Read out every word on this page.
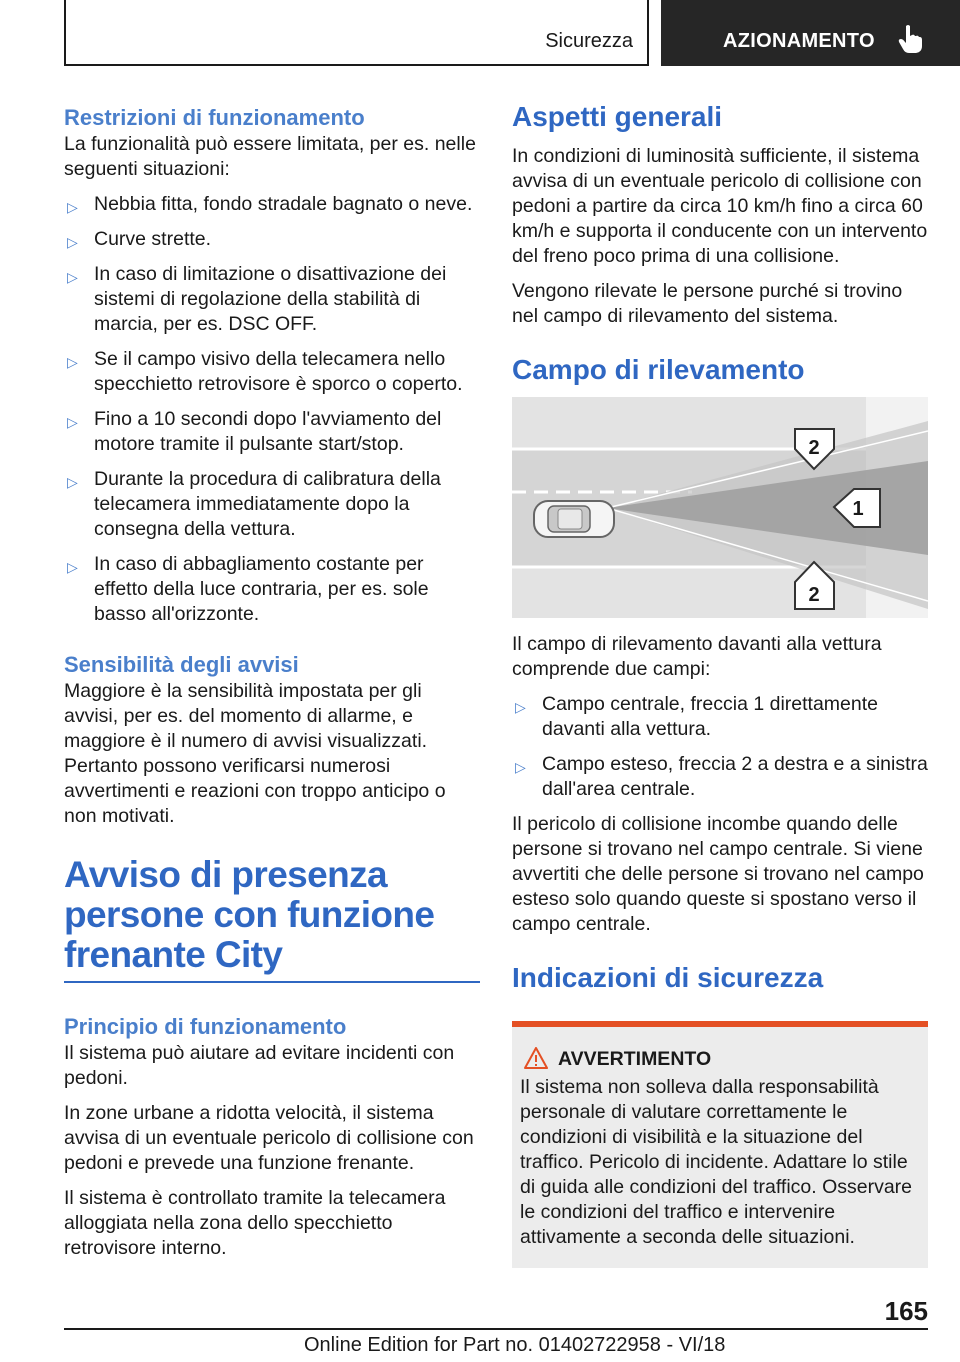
Sicurezza	AZIONAMENTO
Restrizioni di funzionamento

La funzionalità può essere limitata, per es. nelle seguenti situazioni:

▷ Nebbia fitta, fondo stradale bagnato o neve.
▷ Curve strette.
▷ In caso di limitazione o disattivazione dei sistemi di regolazione della stabilità di marcia, per es. DSC OFF.
▷ Se il campo visivo della telecamera nello specchietto retrovisore è sporco o coperto.
▷ Fino a 10 secondi dopo l'avviamento del motore tramite il pulsante start/stop.
▷ Durante la procedura di calibratura della telecamera immediatamente dopo la consegna della vettura.
▷ In caso di abbagliamento costante per effetto della luce contraria, per es. sole basso all'orizzonte.
Sensibilità degli avvisi

Maggiore è la sensibilità impostata per gli avvisi, per es. del momento di allarme, e maggiore è il numero di avvisi visualizzati. Pertanto possono verificarsi numerosi avvertimenti e reazioni con troppo anticipo o non motivati.

Avviso di presenza persone con funzione frenante City
Principio di funzionamento

Il sistema può aiutare ad evitare incidenti con pedoni.

In zone urbane a ridotta velocità, il sistema avvisa di un eventuale pericolo di collisione con pedoni e prevede una funzione frenante.

Il sistema è controllato tramite la telecamera alloggiata nella zona dello specchietto retrovisore interno.

Aspetti generali

In condizioni di luminosità sufficiente, il sistema avvisa di un eventuale pericolo di collisione con pedoni a partire da circa 10 km/h fino a circa 60 km/h e supporta il conducente con un intervento del freno poco prima di una collisione.

Vengono rilevate le persone purché si trovino nel campo di rilevamento del sistema.

Campo di rilevamento
2
1
2

Il campo di rilevamento davanti alla vettura comprende due campi:

▷ Campo centrale, freccia 1 direttamente davanti alla vettura.
▷ Campo esteso, freccia 2 a destra e a sinistra dall'area centrale.

Il pericolo di collisione incombe quando delle persone si trovano nel campo centrale. Si viene avvertiti che delle persone si trovano nel campo esteso solo quando queste si spostano verso il campo centrale.

Indicazioni di sicurezza
AVVERTIMENTO

Il sistema non solleva dalla responsabilità personale di valutare correttamente le condizioni di visibilità e la situazione del traffico. Pericolo di incidente. Adattare lo stile di guida alle condizioni del traffico. Osservare le condizioni del traffico e intervenire attivamente a seconda delle situazioni.

165
Online Edition for Part no. 01402722958 - VI/18
